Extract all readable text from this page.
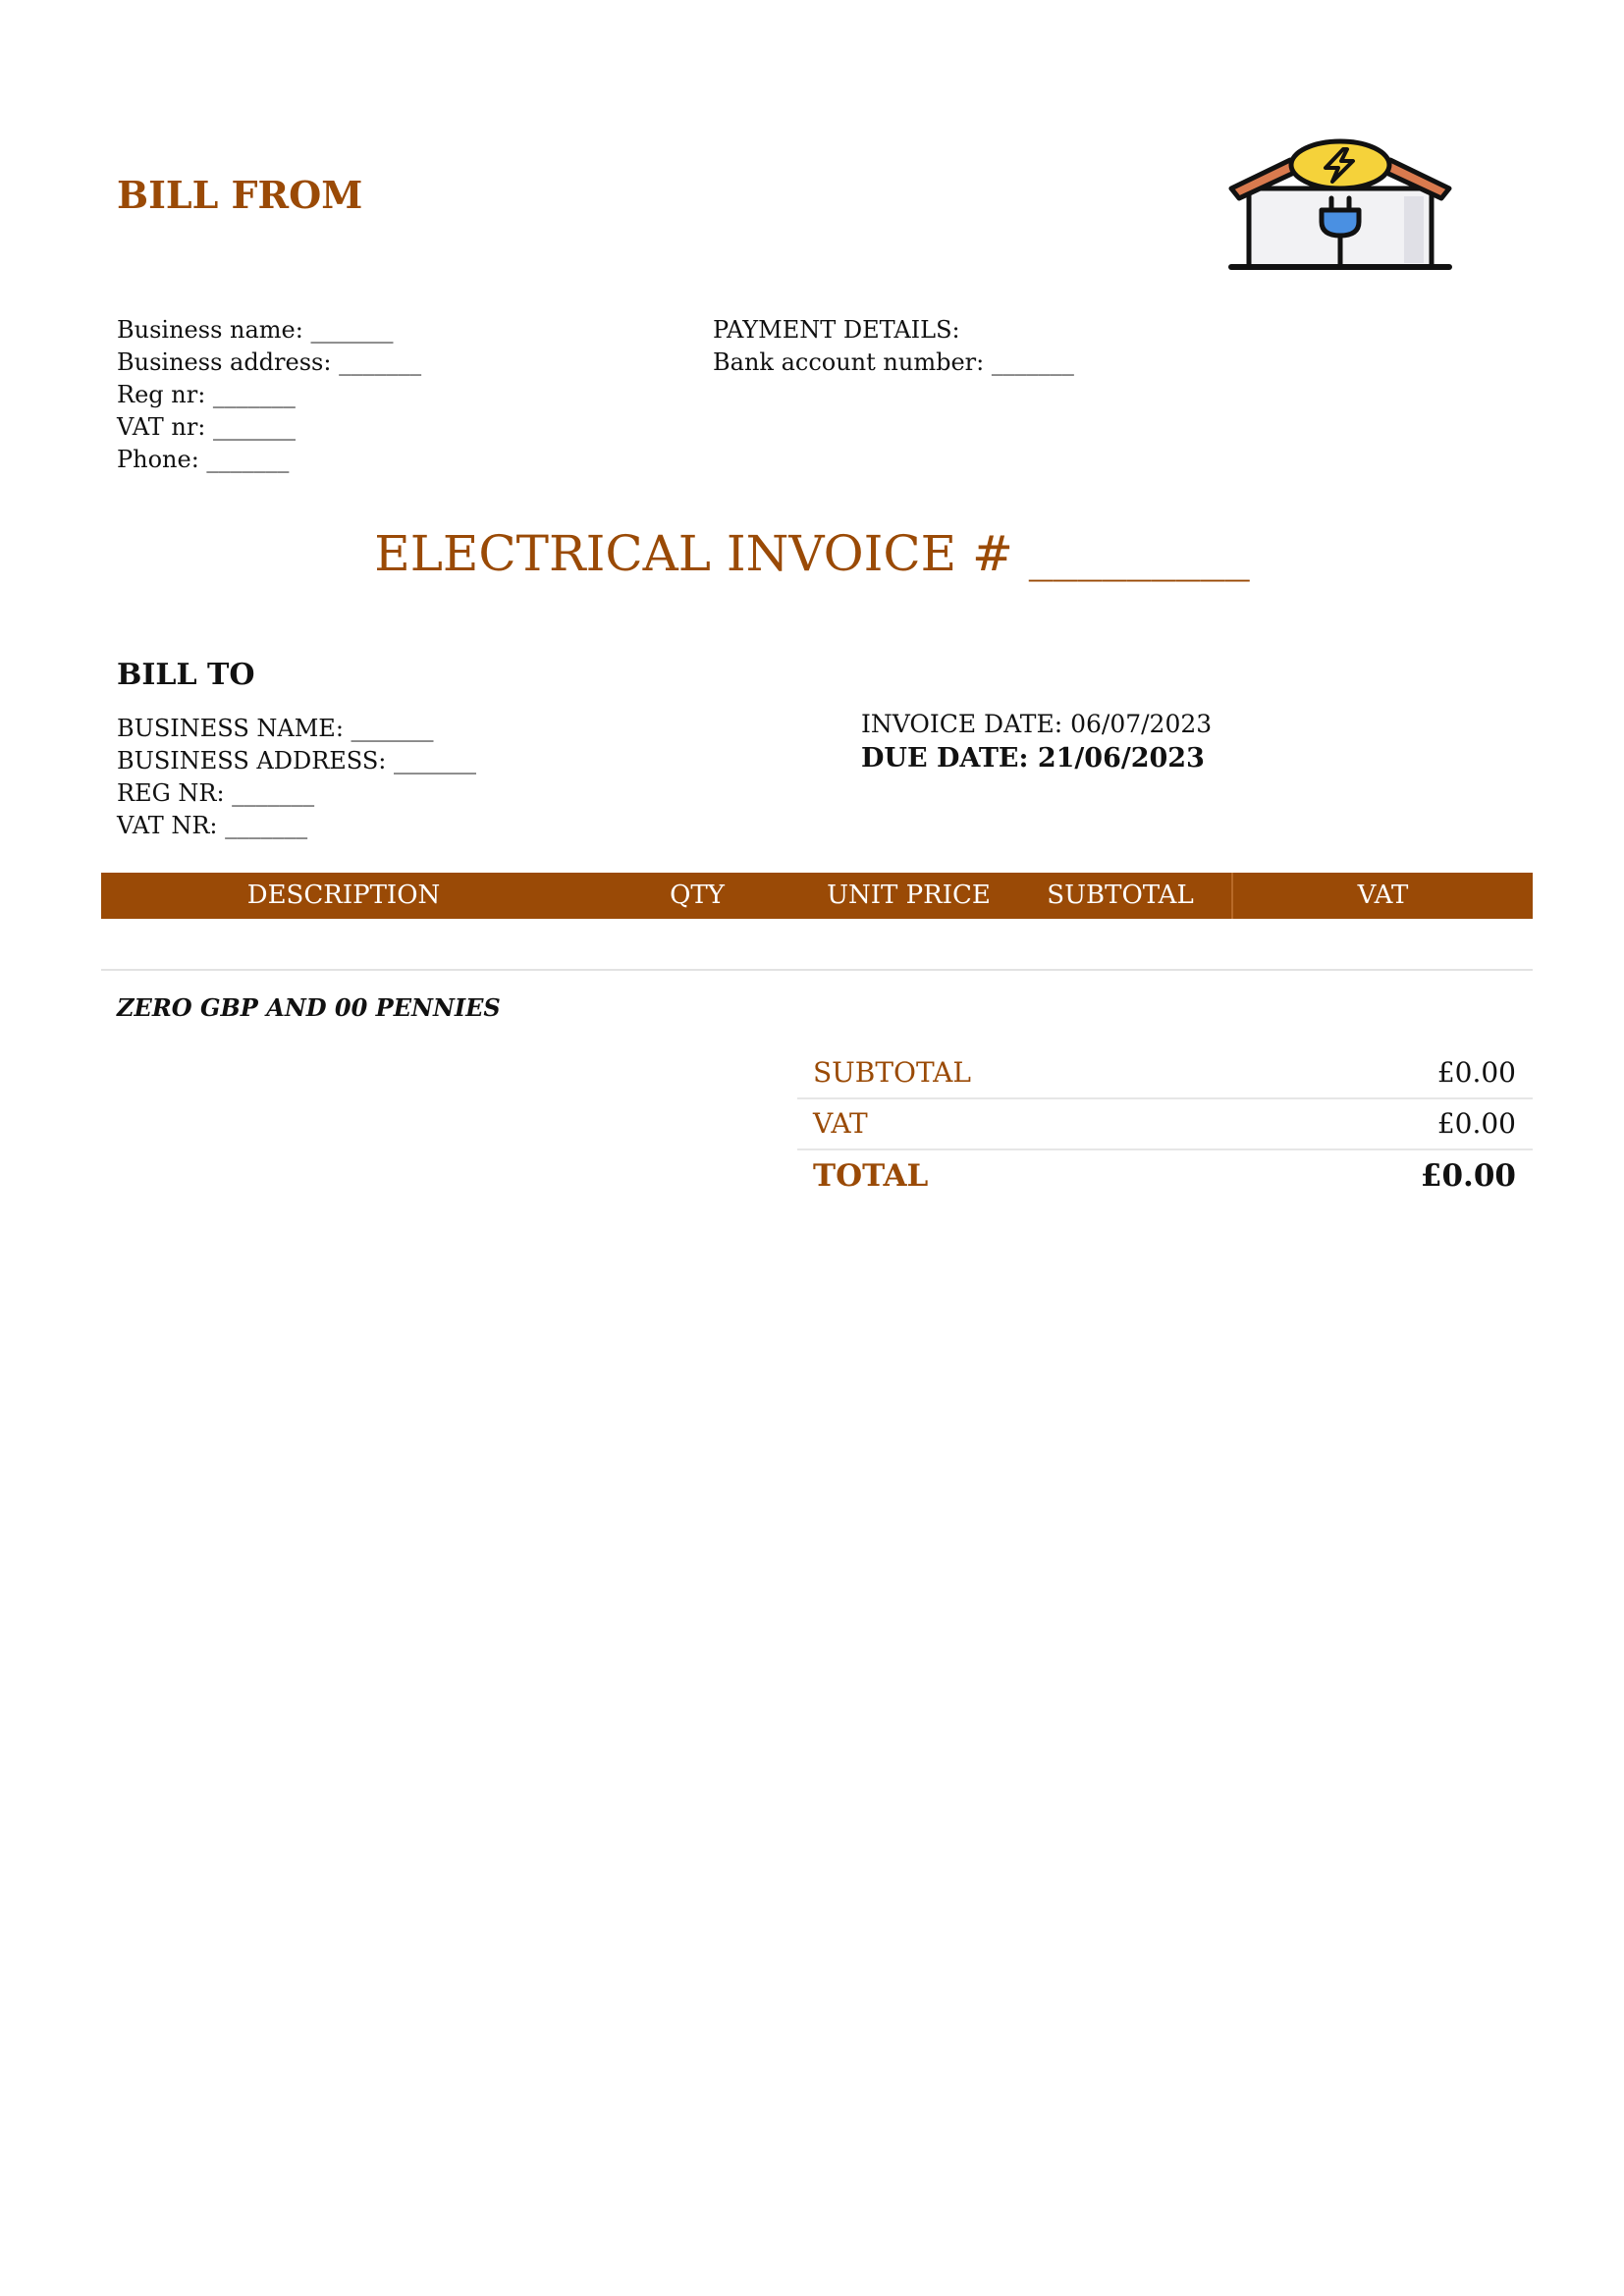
BILL FROM
Business name: _______
Business address: _______
Reg nr: _______
VAT nr: _______
Phone: _______
PAYMENT DETAILS:
Bank account number: _______
ELECTRICAL INVOICE # _________
BILL TO
BUSINESS NAME: _______
BUSINESS ADDRESS: _______
REG NR: _______
VAT NR: _______
INVOICE DATE: 06/07/2023
DUE DATE: 21/06/2023
DESCRIPTION	QTY	UNIT PRICE	SUBTOTAL	VAT
ZERO GBP AND 00 PENNIES
SUBTOTAL	£0.00
VAT	£0.00
TOTAL	£0.00
